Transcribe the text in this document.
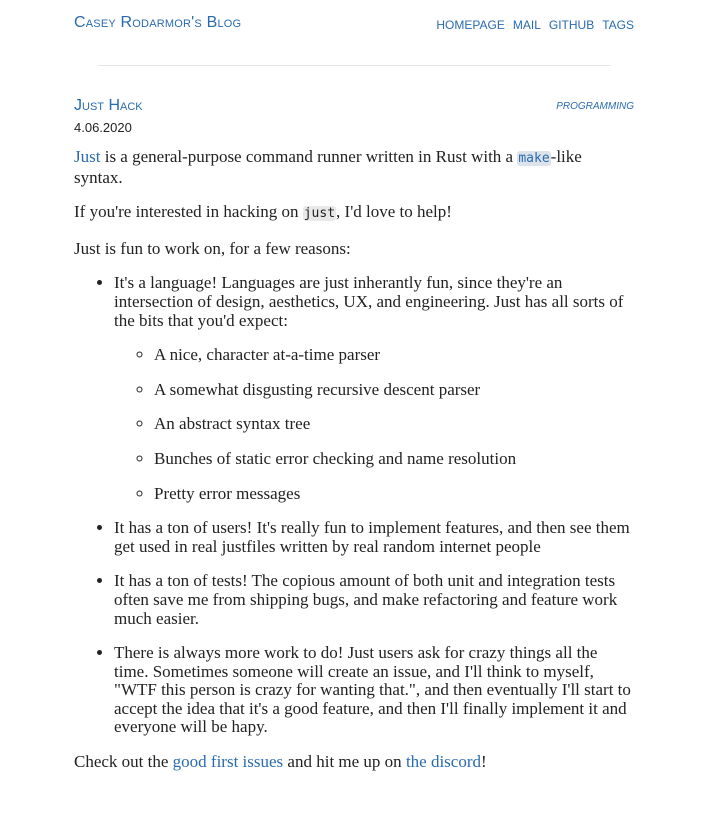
Casey Rodarmor's Blog	HOMEPAGE MAIL GITHUB TAGS
Just Hack	PROGRAMMING
4.06.2020

Just is a general-purpose command runner written in Rust with a make-like syntax.

If you're interested in hacking on just, I'd love to help!

Just is fun to work on, for a few reasons:

• It's a language! Languages are just inherantly fun, since they're an intersection of design, aesthetics, UX, and engineering. Just has all sorts of the bits that you'd expect:
◦ A nice, character at-a-time parser
◦ A somewhat disgusting recursive descent parser
◦ An abstract syntax tree
◦ Bunches of static error checking and name resolution
◦ Pretty error messages
• It has a ton of users! It's really fun to implement features, and then see them get used in real justfiles written by real random internet people
• It has a ton of tests! The copious amount of both unit and integration tests often save me from shipping bugs, and make refactoring and feature work much easier.
• There is always more work to do! Just users ask for crazy things all the time. Sometimes someone will create an issue, and I'll think to myself, "WTF this person is crazy for wanting that.", and then eventually I'll start to accept the idea that it's a good feature, and then I'll finally implement it and everyone will be hapy.

Check out the good first issues and hit me up on the discord!
